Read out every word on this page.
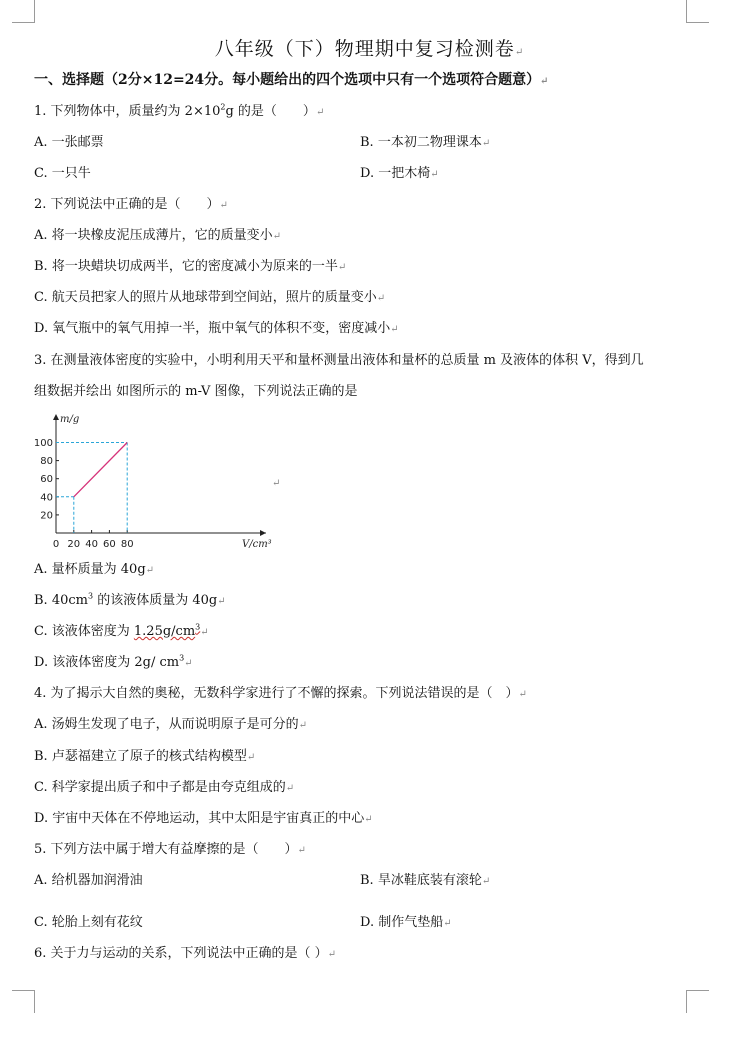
八年级（下）物理期中复习检测卷↵
一、选择题（2分×12=24分。每小题给出的四个选项中只有一个选项符合题意）↵
1. 下列物体中，质量约为 $2\times 10^2g$ 的是（　　）↵
A. 一张邮票	B. 一本初二物理课本↵
C. 一只牛	D. 一把木椅↵
2. 下列说法中正确的是（　　）↵
A. 将一块橡皮泥压成薄片，它的质量变小↵
B. 将一块蜡块切成两半，它的密度减小为原来的一半↵
C. 航天员把家人的照片从地球带到空间站，照片的质量变小↵
D. 氧气瓶中的氧气用掉一半，瓶中氧气的体积不变，密度减小↵
3. 在测量液体密度的实验中，小明利用天平和量杯测量出液体和量杯的总质量 m 及液体的体积 V，得到几
组数据并绘出 如图所示的 m-V 图像，下列说法正确的是
m/g
V/cm³
0 20 40 60 80
20
40
60
80
100
↵
A. 量杯质量为 40g↵
B. $40cm^3$ 的该液体质量为 40g↵
C. 该液体密度为 $1.25g/cm^3↵$
D. 该液体密度为 2g/ $cm^3↵$
4. 为了揭示大自然的奥秘，无数科学家进行了不懈的探索。下列说法错误的是（　）↵
A. 汤姆生发现了电子，从而说明原子是可分的↵
B. 卢瑟福建立了原子的核式结构模型↵
C. 科学家提出质子和中子都是由夸克组成的↵
D. 宇宙中天体在不停地运动，其中太阳是宇宙真正的中心↵
5. 下列方法中属于增大有益摩擦的是（　　）↵
A. 给机器加润滑油	B. 旱冰鞋底装有滚轮↵
C. 轮胎上刻有花纹	D. 制作气垫船↵
6. 关于力与运动的关系，下列说法中正确的是（ ）↵
